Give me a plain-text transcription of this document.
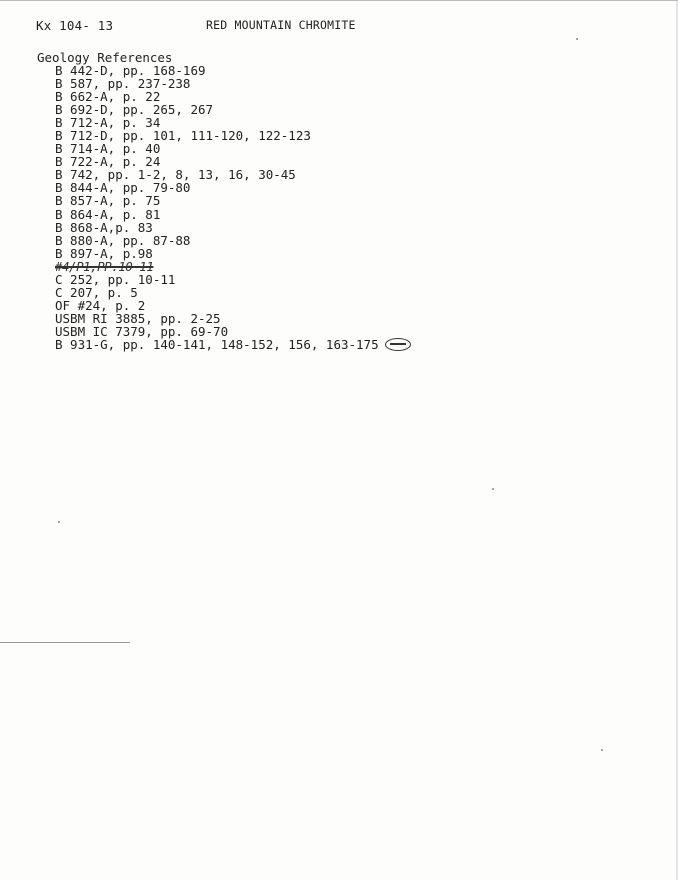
Kx 104- 13	RED MOUNTAIN CHROMITE
Geology References
B 442-D, pp. 168-169
B 587, pp. 237-238
B 662-A, p. 22
B 692-D, pp. 265, 267
B 712-A, p. 34
B 712-D, pp. 101, 111-120, 122-123
B 714-A, p. 40
B 722-A, p. 24
B 742, pp. 1-2, 8, 13, 16, 30-45
B 844-A, pp. 79-80
B 857-A, p. 75
B 864-A, p. 81
B 868-A,p. 83
B 880-A, pp. 87-88
B 897-A, p.98
#4/P1,PP.10-11
C 252, pp. 10-11
C 207, p. 5
OF #24, p. 2
USBM RI 3885, pp. 2-25
USBM IC 7379, pp. 69-70
B 931-G, pp. 140-141, 148-152, 156, 163-175
